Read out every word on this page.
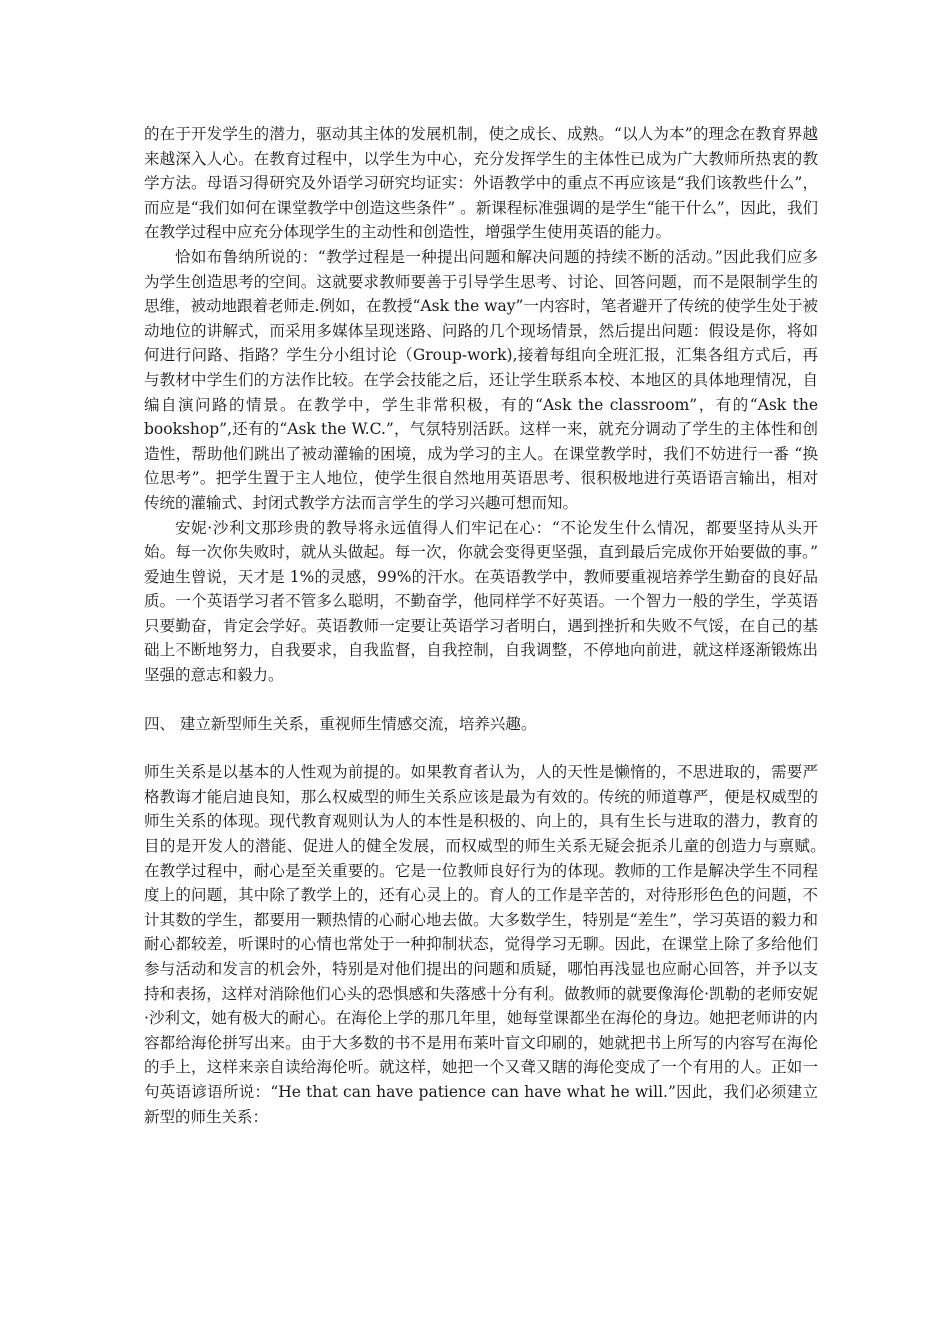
的在于开发学生的潜力，驱动其主体的发展机制，使之成长、成熟。“以人为本”的理念在教育界越来越深入人心。在教育过程中，以学生为中心，充分发挥学生的主体性已成为广大教师所热衷的教学方法。母语习得研究及外语学习研究均证实：外语教学中的重点不再应该是“我们该教些什么”，而应是“我们如何在课堂教学中创造这些条件” 。新课程标准强调的是学生“能干什么”，因此，我们在教学过程中应充分体现学生的主动性和创造性，增强学生使用英语的能力。

恰如布鲁纳所说的：“教学过程是一种提出问题和解决问题的持续不断的活动。”因此我们应多为学生创造思考的空间。这就要求教师要善于引导学生思考、讨论、回答问题，而不是限制学生的思维，被动地跟着老师走.例如，在教授“Ask the way”一内容时，笔者避开了传统的使学生处于被动地位的讲解式，而采用多媒体呈现迷路、问路的几个现场情景，然后提出问题：假设是你，将如何进行问路、指路？学生分小组讨论（Group-work),接着每组向全班汇报，汇集各组方式后，再与教材中学生们的方法作比较。在学会技能之后，还让学生联系本校、本地区的具体地理情况，自编自演问路的情景。在教学中，学生非常积极，有的“Ask the classroom”，有的“Ask the bookshop”,还有的“Ask the W.C.”，气氛特别活跃。这样一来，就充分调动了学生的主体性和创造性，帮助他们跳出了被动灌输的困境，成为学习的主人。在课堂教学时，我们不妨进行一番 “换位思考”。把学生置于主人地位，使学生很自然地用英语思考、很积极地进行英语语言输出，相对传统的灌输式、封闭式教学方法而言学生的学习兴趣可想而知。

安妮·沙利文那珍贵的教导将永远值得人们牢记在心：“不论发生什么情况，都要坚持从头开始。每一次你失败时，就从头做起。每一次，你就会变得更坚强，直到最后完成你开始要做的事。” 爱迪生曾说，天才是 1%的灵感，99%的汗水。在英语教学中，教师要重视培养学生勤奋的良好品质。一个英语学习者不管多么聪明，不勤奋学，他同样学不好英语。一个智力一般的学生，学英语只要勤奋，肯定会学好。英语教师一定要让英语学习者明白，遇到挫折和失败不气馁，在自己的基础上不断地努力，自我要求，自我监督，自我控制，自我调整，不停地向前进，就这样逐渐锻炼出坚强的意志和毅力。

四、 建立新型师生关系，重视师生情感交流，培养兴趣。

师生关系是以基本的人性观为前提的。如果教育者认为，人的天性是懒惰的，不思进取的，需要严格教诲才能启迪良知，那么权威型的师生关系应该是最为有效的。传统的师道尊严，便是权威型的师生关系的体现。现代教育观则认为人的本性是积极的、向上的，具有生长与进取的潜力，教育的目的是开发人的潜能、促进人的健全发展，而权威型的师生关系无疑会扼杀儿童的创造力与禀赋。　　在教学过程中，耐心是至关重要的。它是一位教师良好行为的体现。教师的工作是解决学生不同程度上的问题，其中除了教学上的，还有心灵上的。育人的工作是辛苦的，对待形形色色的问题，不计其数的学生，都要用一颗热情的心耐心地去做。大多数学生，特别是“差生”，学习英语的毅力和耐心都较差，听课时的心情也常处于一种抑制状态，觉得学习无聊。因此，在课堂上除了多给他们参与活动和发言的机会外，特别是对他们提出的问题和质疑，哪怕再浅显也应耐心回答，并予以支持和表扬，这样对消除他们心头的恐惧感和失落感十分有利。做教师的就要像海伦·凯勒的老师安妮·沙利文，她有极大的耐心。在海伦上学的那几年里，她每堂课都坐在海伦的身边。她把老师讲的内容都给海伦拼写出来。由于大多数的书不是用布莱叶盲文印刷的，她就把书上所写的内容写在海伦的手上，这样来亲自读给海伦听。就这样，她把一个又聋又瞎的海伦变成了一个有用的人。正如一句英语谚语所说：“He that can have patience can have what he will.”因此，我们必须建立新型的师生关系：
